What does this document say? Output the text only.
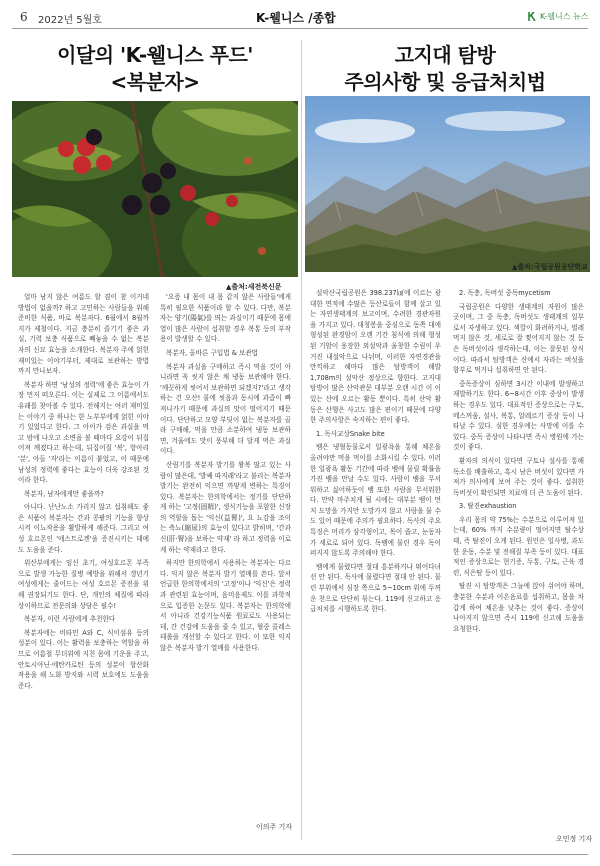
6 2022년 5월호	K-웰니스 /종합	K-웰니스 뉴스
이달의 'K-웰니스 푸드'
<복분자>
▲출처:새전북신문

얼마 남지 않은 여름도 할 겸이 참 이거네 방법이 없을까? 하고 고민하는 사람들을 위해 준비한 식품, 바로 복분자다. 6월에서 8월까지가 제철이다. 지금 충분히 즐기기 좋은 과실, 기력 보충 식품으로 빼놓을 수 없는 복분자의 신묘 효능을 소개한다. 복분자 주에 얽힌 재미있는 이야기부터, 제대로 보관하는 방법까지 만나보자.

복분자 하면 '남성의 정력'에 좋은 효능이 가장 먼저 떠오른다. 이는 실제로 그 이름에서도 유래를 찾아볼 수 있다. 전해지는 여러 재미있는 이야기 중 하나는 한 노부부에게 얽힌 이야기 있었다고 한다. 그 아이가 검은 과실을 먹고 밤에 나오고 소변을 볼 때마다 요강이 뒤집어져 깨졌다고 하는데, 뒤집어질 '복', 항아리 '분', 아들 '자'라는 이름이 붙었고, 이 때문에 남성의 정력에 좋다는 효능이 더욱 강조된 것이라 한다.

복분자, 남자에게만 좋을까?

아니다. 난난노소 가리지 않고 섭취해도 좋은 식품이 복분자는 간과 콩팥의 기능을 향상시켜 이뇨작용을 활발하게 해준다. 그리고 여성 호르몬인 '에스트로겐'을 증진시키는 데에도 도움을 준다.

위산부에게는 임신 초기, 여성호르몬 부족으로 발생 가능한 질병 예방을 위해서 갱년기 여성에게는 줄어드는 여성 호르몬 증진을 위해 권장되기도 한다. 단, 개인의 체질에 따라 상이하므로 전문의와 상담은 필수!

복분자, 이런 사람에게 추천한다

복분자에는 비타민 A와 C, 식이섬유 등의 성분이 있다. 이는 활력을 보충하는 역할을 하므로 어름철 무더위에 지친 몸에 기운을 주고, 안토시아닌·에탄카로틴 등의 성분이 항산화 작용을 해 노화 방지와 시력 보호에도 도움을 준다.

'요즘 내 몸이 내 몸 같지 않은 사람들'에게 특히 필요한 식품이라 할 수 있다. 다만, 복분자는 양기(陽氣)를 띄는 과실이기 때문에 몸에 열이 많은 사람이 섭취할 경우 복통 등의 부작용이 발생할 수 있다.

복분자, 올바른 구입법 & 보관법

복분자 과실을 구매하고 즉시 먹을 것이 아니라면 꼭 씻지 않은 채 냉동 보관해야 한다. '깨끗하게 씻어서 보관하면 되겠지?'라고 생각하는 건 오산! 물에 씻음과 동시에 과즙이 빠져나가기 때문에 과실의 맛이 떨어지기 때문이다. 단단하고 모양 부딪이 없는 복분자를 골라 구매해, 먹을 만큼 소분하여 냉동 보관하면, 겨울에도 맛이 풍부해 더 달게 먹은 과실이다.

산림기를 복분자 발기를 왕복 많고 있는 사람이 많은데, '발쌔 따지래'라고 불리는 복분자 발기는 완전히 익으면 까맣게 변하는 특징이 있다. 복분자는 한의학에서는 정기를 단단하게 하는 '고정(固精)', 생식기능을 포함한 신장의 역할을 돕는 '익신(益腎)', 요 뇨감을 조이는 축뇨(縮尿)의 효능이 있다고 밝히며, '간과 신(肝·腎)을 보하는 약재' 라 하고 정력을 이로게 하는 약재라고 한다.

하지만 한의학에서 사용하는 복분자는 다르다. 익지 않은 복분자 발기 열매를 쓴다. 앞서 언급한 한의학에서의 '고정'이나 '익신'은 정력과 관련된 효능이며, 음미음제도 이를 과학적으로 입증한 논문도 있다. 복분자는 한의학에서 아니라 건강기능식품 원료로도 사용되는데, 간 건강에 도움을 줄 수 있고, 혈중 콜레스테롤을 개선할 수 있다고 한다. 이 또한 익지 않은 복분자 발기 열매를 사용한다.

이의주 기자
고지대 탐방
주의사항 및 응급처치법
▲출처:국립공원공단학교

설악산국립공원은 398.237㎢에 이르는 광대한 면적에 수많은 등산로들이 함께 살고 있는 자연생태계의 보고이며, 수려한 경관자원을 가지고 있다. 대청봉을 중심으로 동쪽 대에 형성된 완경암이 오랜 기간 침식에 의해 형성된 기암이 웅장한 외설악과 울창한 수림이 우거진 내설악으로 나뉘며, 이러한 자연경관을 만끽하고 해마다 많은 탐방객이 해발 1,708m의 설악산 정상으로 향한다. 고지대 탐방이 많은 산악관문 대부분 오랜 시간 이 이 있는 산에 오르는 활동 뿐이다. 특히 산악 활동은 산행은 사고도 많은 편이기 때문에 다양한 주의사항은 숙지하는 편이 좋다.

1. 독사교상Snake bite

뱀은 냉혈동물로서 일광욕을 통해 체온을 올려야만 먹을 먹이를 소화시킬 수 있다. 이러한 일광욕 활동 기간에 따라 뱀에 물릴 확률을 가진 뱀을 만날 수도 있다. 사람이 뱀을 무서워하고 싫어하듯이 뱀 또한 사람을 무서워한다. 만약 마주치게 될 시에는 대부분 뱀이 먼저 도망을 가지만 도망가지 않고 사람을 물 수도 있어 때문에 주의가 필요하다. 독사의 주요 특징은 머리가 삼각형이고, 목이 좁고, 눈동자가 세로로 되어 있다. 독뱀에 물린 경우 독이 퍼지지 않도록 주의해야 한다.

뱀에게 물렸다면 절대 흥분하거나 뛰어다녀선 안 된다. 독사에 물렸다면 절대 안 된다. 물린 부위에서 심장 쪽으로 5~10cm 위에 두꺼운 천으로 단단히 묶는다. 119에 신고하고 응급처치를 시행하도록 한다.

2. 독충, 독버섯 중독mycetism

국립공원은 다양한 생태계의 자원이 많은 곳이며, 그 중 독충, 독버섯도 생태계의 일부로서 자생하고 있다. 색깔이 화려하거나, 벌레 먹지 않은 것, 세로로 잘 찢어지지 않는 것 등은 독버섯이라 생각하는데, 이는 잘못된 상식이다. 따라서 탐방객은 산에서 자라는 버섯을 함부로 먹거나 섭취하면 안 된다.

중독증상이 심하면 3시간 이내에 발생하고 재발하기도 한다. 6~8시간 이후 중상이 발생하는 경우도 있다. 대표적인 증상으로는 구토, 메스꺼움, 설사, 복통, 알레르기 증상 등이 나타날 수 있다. 심한 경우에는 사망에 이를 수 있다. 중독 증상이 나타나면 즉시 병원에 가는 것이 좋다.

환자의 의식이 있다면 구토나 설사를 통해 독소를 배출하고, 혹시 남은 버섯이 있다면 가져가 의사에게 보여 주는 것이 좋다. 섭취한 독버섯이 확인되면 치료에 더 큰 도움이 된다.

3. 탈진exhaustion

우리 몸의 약 75%는 수분으로 이루어져 있는데, 60% 까지 수분량이 떨어지면 탈수상태, 즉 탈진이 오게 된다. 원인은 일사병, 과도한 운동, 수분 및 전해질 부족 등이 있다. 대표적인 증상으로는 현기증, 두통, 구토, 근육 경련, 식은땀 등이 있다.

탈진 시 탐방객은 그늘에 앉아 쉬어야 하며, 충분한 수분과 이온음료를 섭취하고, 몸을 차갑게 하여 체온을 낮추는 것이 좋다. 증상이 나아지지 않으면 즉시 119에 신고해 도움을 요청한다.

오민정 기자
